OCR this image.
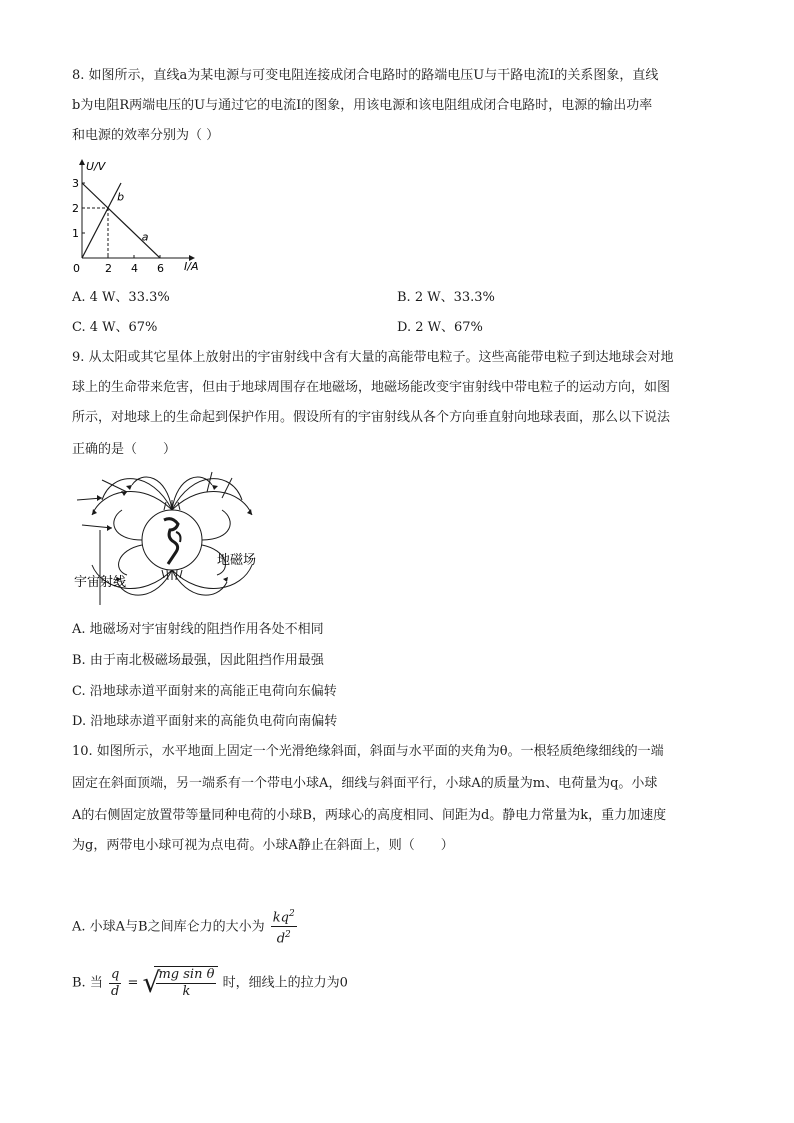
8. 如图所示，直线a为某电源与可变电阻连接成闭合电路时的路端电压U与干路电流I的关系图象，直线
b为电阻R两端电压的U与通过它的电流I的图象，用该电源和该电阻组成闭合电路时，电源的输出功率
和电源的效率分别为（ ）
U/V
I/A
1
2
3
0 2 4 6
a
b
A. 4 W、33.3%	B. 2 W、33.3%
C. 4 W、67%	D. 2 W、67%
9. 从太阳或其它星体上放射出的宇宙射线中含有大量的高能带电粒子。这些高能带电粒子到达地球会对地
球上的生命带来危害，但由于地球周围存在地磁场，地磁场能改变宇宙射线中带电粒子的运动方向，如图
所示，对地球上的生命起到保护作用。假设所有的宇宙射线从各个方向垂直射向地球表面，那么以下说法
正确的是（　　）
地磁场
宇宙射线
A. 地磁场对宇宙射线的阻挡作用各处不相同
B. 由于南北极磁场最强，因此阻挡作用最强
C. 沿地球赤道平面射来的高能正电荷向东偏转
D. 沿地球赤道平面射来的高能负电荷向南偏转
10. 如图所示，水平地面上固定一个光滑绝缘斜面，斜面与水平面的夹角为θ。一根轻质绝缘细线的一端
固定在斜面顶端，另一端系有一个带电小球A，细线与斜面平行，小球A的质量为m、电荷量为q。小球
A的右侧固定放置带等量同种电荷的小球B，两球心的高度相同、间距为d。静电力常量为k，重力加速度
为g，两带电小球可视为点电荷。小球A静止在斜面上，则（　　）
A. 小球A与B之间库仑力的大小为 $\frac{kq^2}{d^2}$
B. 当 $\frac{q}{d}$ = √
$\frac{\text{mg sin θ}}{k}$ 时，细线上的拉力为0
